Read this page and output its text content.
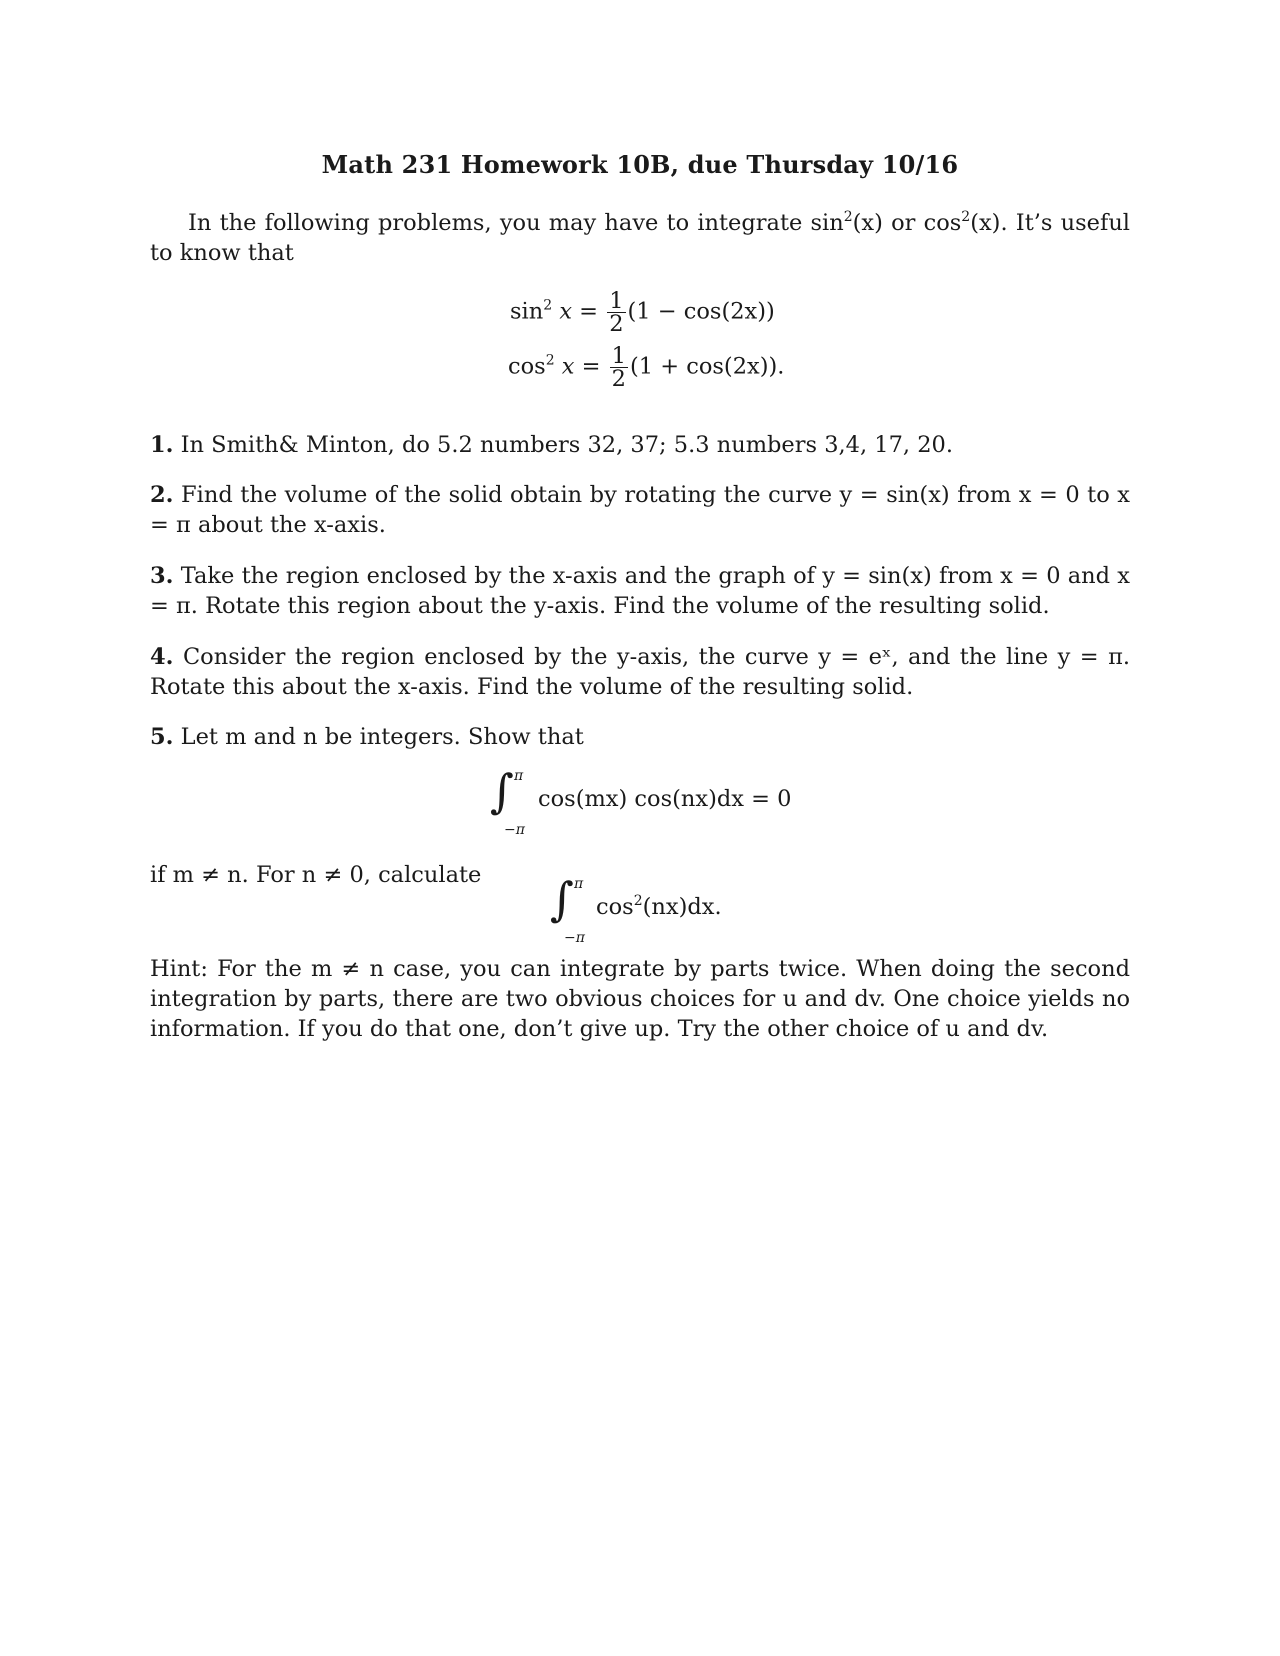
Math 231 Homework 10B, due Thursday 10/16
In the following problems, you may have to integrate $\sin^2(x)$ or $\cos^2(x)$. It’s useful to know that
$\sin^2 x = \frac{1}{2} (1 - \cos(2x))$
$\cos^2 x = \frac{1}{2} (1 + \cos(2x))$.
1. In Smith& Minton, do 5.2 numbers 32, 37; 5.3 numbers 3,4, 17, 20.
2. Find the volume of the solid obtain by rotating the curve y = sin(x) from x = 0 to x = π about the x-axis.
3. Take the region enclosed by the x-axis and the graph of y = sin(x) from x = 0 and x = π. Rotate this region about the y-axis. Find the volume of the resulting solid.
4. Consider the region enclosed by the y-axis, the curve y = eˣ, and the line y = π. Rotate this about the x-axis. Find the volume of the resulting solid.
5. Let m and n be integers. Show that
∫ π
−π
cos(mx) cos(nx)dx = 0
if m ≠ n. For n ≠ 0, calculate	∫ π
−π
$\cos^2(nx)dx$.
Hint: For the m ≠ n case, you can integrate by parts twice. When doing the second integration by parts, there are two obvious choices for u and dv. One choice yields no information. If you do that one, don’t give up. Try the other choice of u and dv.
